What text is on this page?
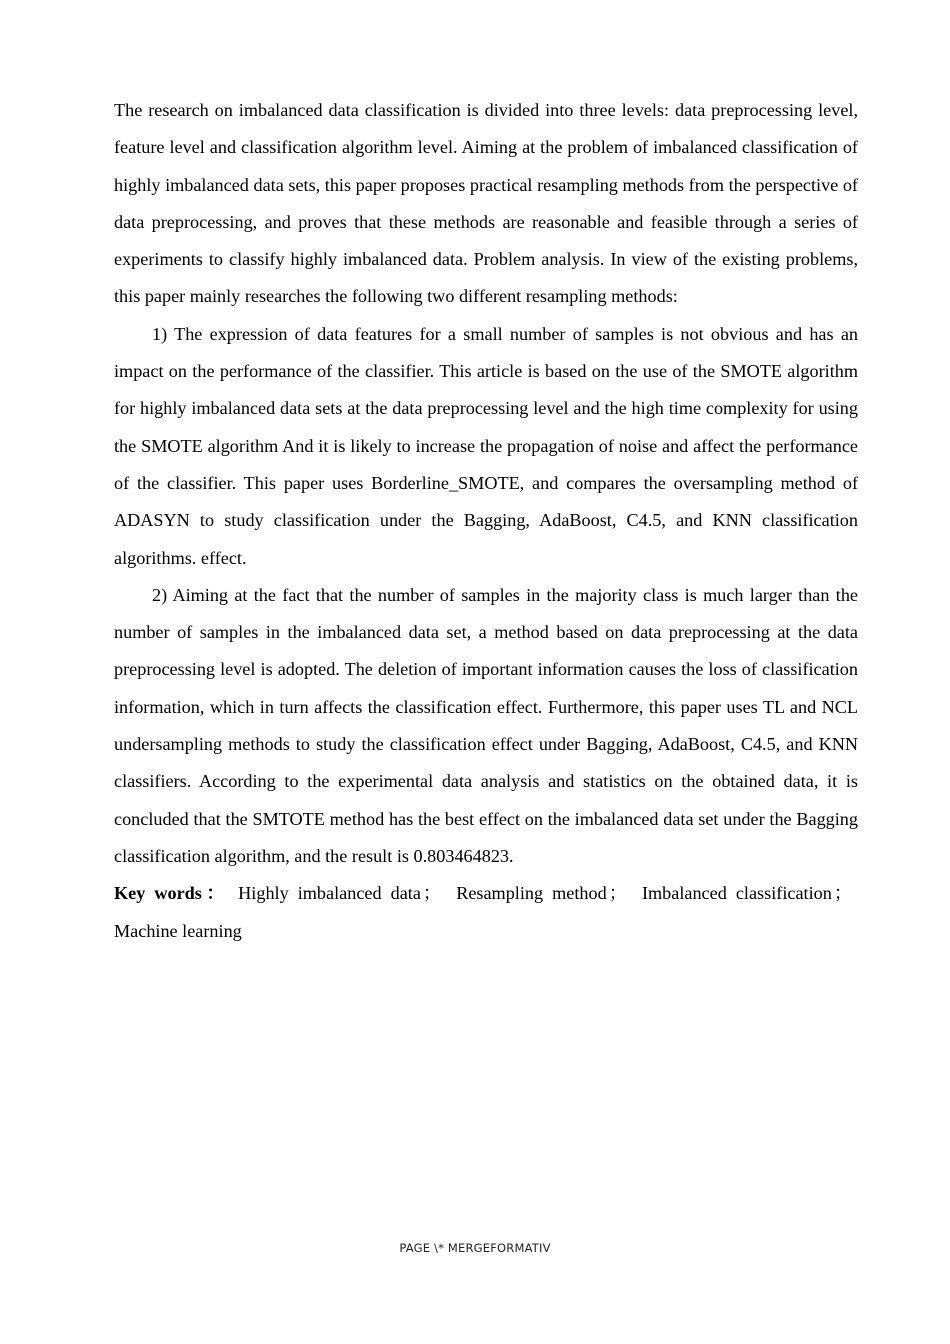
The research on imbalanced data classification is divided into three levels: data preprocessing level, feature level and classification algorithm level. Aiming at the problem of imbalanced classification of highly imbalanced data sets, this paper proposes practical resampling methods from the perspective of data preprocessing, and proves that these methods are reasonable and feasible through a series of experiments to classify highly imbalanced data. Problem analysis. In view of the existing problems, this paper mainly researches the following two different resampling methods:

1) The expression of data features for a small number of samples is not obvious and has an impact on the performance of the classifier. This article is based on the use of the SMOTE algorithm for highly imbalanced data sets at the data preprocessing level and the high time complexity for using the SMOTE algorithm And it is likely to increase the propagation of noise and affect the performance of the classifier. This paper uses Borderline_SMOTE, and compares the oversampling method of ADASYN to study classification under the Bagging, AdaBoost, C4.5, and KNN classification algorithms. effect.

2) Aiming at the fact that the number of samples in the majority class is much larger than the number of samples in the imbalanced data set, a method based on data preprocessing at the data preprocessing level is adopted. The deletion of important information causes the loss of classification information, which in turn affects the classification effect. Furthermore, this paper uses TL and NCL undersampling methods to study the classification effect under Bagging, AdaBoost, C4.5, and KNN classifiers. According to the experimental data analysis and statistics on the obtained data, it is concluded that the SMTOTE method has the best effect on the imbalanced data set under the Bagging classification algorithm, and the result is 0.803464823.

Key words： Highly imbalanced data ； Resampling method ； Imbalanced classification ； Machine learning

PAGE \* MERGEFORMATIV
